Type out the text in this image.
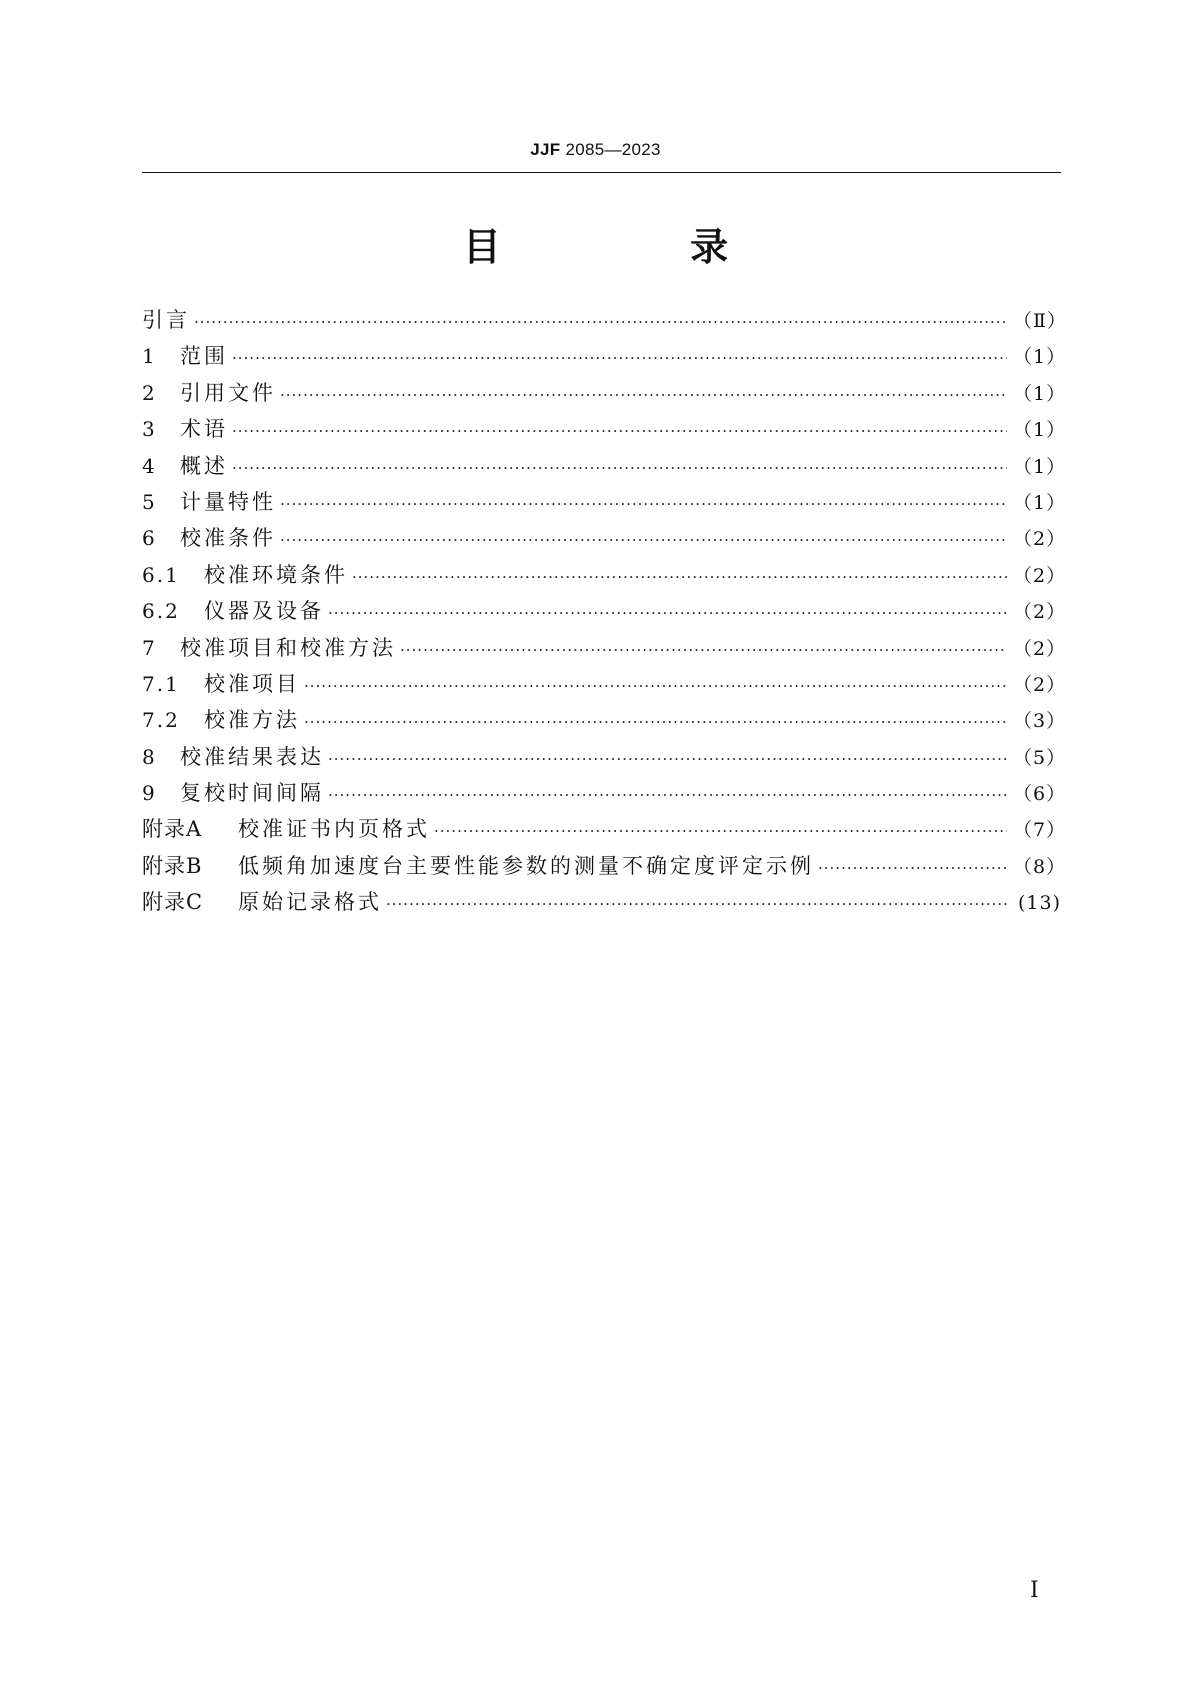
JJF 2085—2023
目 录
引言 ·····	（Ⅱ）
1	范围 ·····	（1）
2	引用文件 ·····	（1）
3	术语 ·····	（1）
4	概述 ·····	（1）
5	计量特性 ·····	（1）
6	校准条件 ·····	（2）
6.1	校准环境条件 ·····	（2）
6.2	仪器及设备 ·····	（2）
7	校准项目和校准方法 ·····	（2）
7.1	校准项目 ·····	（2）
7.2	校准方法 ·····	（3）
8	校准结果表达 ·····	（5）
9	复校时间间隔 ·····	（6）
附录A	校准证书内页格式 ·····	（7）
附录B	低频角加速度台主要性能参数的测量不确定度评定示例 ·····	（8）
附录C	原始记录格式 ·····	(13)
Ⅰ
